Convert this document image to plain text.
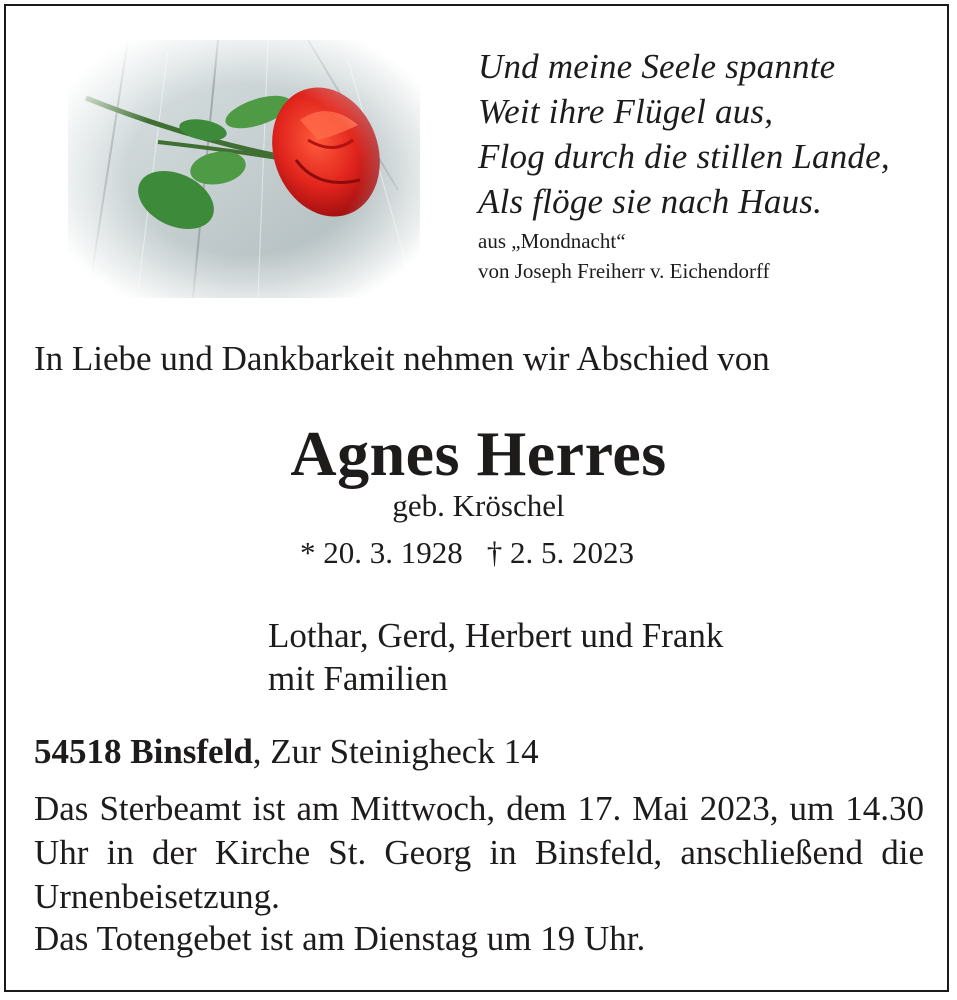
Und meine Seele spannte
Weit ihre Flügel aus,
Flog durch die stillen Lande,
Als flöge sie nach Haus.
aus „Mondnacht“
von Joseph Freiherr v. Eichendorff
In Liebe und Dankbarkeit nehmen wir Abschied von
Agnes Herres
geb. Kröschel
* 20. 3. 1928 † 2. 5. 2023
Lothar, Gerd, Herbert und Frank
mit Familien
54518 Binsfeld, Zur Steinigheck 14
Das Sterbeamt ist am Mittwoch, dem 17. Mai 2023, um 14.30 Uhr in der Kirche St. Georg in Binsfeld, anschließend die Urnenbeisetzung.
Das Totengebet ist am Dienstag um 19 Uhr.
